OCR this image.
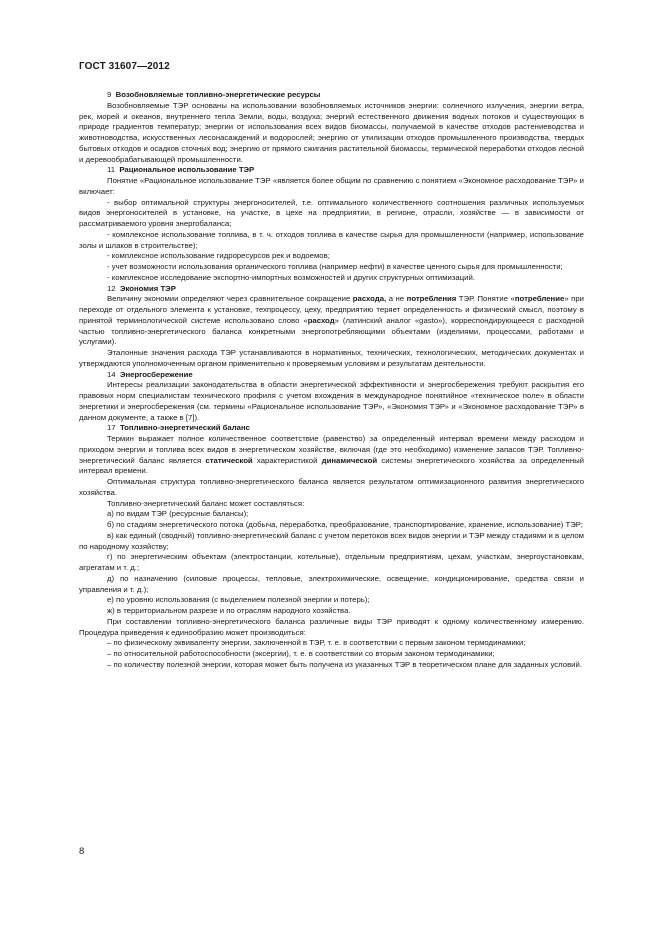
ГОСТ 31607—2012
9 Возобновляемые топливно-энергетические ресурсы

Возобновляемые ТЭР основаны на использовании возобновляемых источников энергии: солнечного излучения, энергии ветра, рек, морей и океанов, внутреннего тепла Земли, воды, воздуха; энергий естественного движения водных потоков и существующих в природе градиентов температур; энергии от использования всех видов биомассы, получаемой в качестве отходов растениеводства и животноводства, искусственных лесонасаждений и водорослей; энергию от утилизации отходов промышленного производства, твердых бытовых отходов и осадков сточных вод; энергию от прямого сжигания растительной биомассы, термической переработки отходов лесной и деревообрабатывающей промышленности.

11 Рациональное использование ТЭР

Понятие «Рациональное использование ТЭР «является более общим по сравнению с понятием «Экономное расходование ТЭР» и включает:

- выбор оптимальной структуры энергоносителей, т.е. оптимального количественного соотношения различных используемых видов энергоносителей в установке, на участке, в цехе на предприятии, в регионе, отрасли, хозяйстве — в зависимости от рассматриваемого уровня энергобаланса;

- комплексное использование топлива, в т. ч. отходов топлива в качестве сырья для промышленности (например, использование золы и шлаков в строительстве);

- комплексное использование гидроресурсов рек и водоемов;

- учет возможности использования органического топлива (например нефти) в качестве ценного сырья для промышленности;

- комплексное исследование экспортно-импортных возможностей и других структурных оптимизаций.

12 Экономия ТЭР

Величину экономии определяют через сравнительное сокращение расхода, а не потребления ТЭР. Понятие «потребление» при переходе от отдельного элемента к установке, техпроцессу, цеху, предприятию теряет определенность и физический смысл, поэтому в принятой терминологической системе использовано слово «расход» (латинский аналог «gasto»), корреспондирующееся с расходной частью топливно-энергетического баланса конкретными энергопотребляющими объектами (изделиями, процессами, работами и услугами).

Эталонные значения расхода ТЭР устанавливаются в нормативных, технических, технологических, методических документах и утверждаются уполномоченным органом применительно к проверяемым условиям и результатам деятельности.

14 Энергосбережение

Интересы реализации законодательства в области энергетической эффективности и энергосбережения требуют раскрытия его правовых норм специалистам технического профиля с учетом вхождения в международное понятийное «техническое поле» в области энергетики и энергосбережения (см. термины «Рациональное использование ТЭР», «Экономия ТЭР» и «Экономное расходование ТЭР» в данном документе, а также в [7]).

17 Топливно-энергетический баланс

Термин выражает полное количественное соответствие (равенство) за определенный интервал времени между расходом и приходом энергии и топлива всех видов в энергетическом хозяйстве, включая (где это необходимо) изменение запасов ТЭР. Топливно-энергетический баланс является статической характеристикой динамической системы энергетического хозяйства за определенный интервал времени.

Оптимальная структура топливно-энергетического баланса является результатом оптимизационного развития энергетического хозяйства.

Топливно-энергетический баланс может составляться:

а) по видам ТЭР (ресурсные балансы);

б) по стадиям энергетического потока (добыча, переработка, преобразование, транспортирование, хранение, использование) ТЭР;

в) как единый (сводный) топливно-энергетический баланс с учетом перетоков всех видов энергии и ТЭР между стадиями и в целом по народному хозяйству;

г) по энергетическим объектам (электростанции, котельные), отдельным предприятиям, цехам, участкам, энергоустановкам, агрегатам и т. д.;

д) по назначению (силовые процессы, тепловые, электрохимические, освещение, кондиционирование, средства связи и управления и т. д.);

е) по уровню использования (с выделением полезной энергии и потерь);

ж) в территориальном разрезе и по отраслям народного хозяйства.

При составлении топливно-энергетического баланса различные виды ТЭР приводят к одному количественному измерению. Процедура приведения к единообразию может производиться:

– по физическому эквиваленту энергии, заключенной в ТЭР, т. е. в соответствии с первым законом термодинамики;

– по относительной работоспособности (эксергии), т. е. в соответствии со вторым законом термодинамики;

– по количеству полезной энергии, которая может быть получена из указанных ТЭР в теоретическом плане для заданных условий.

8
